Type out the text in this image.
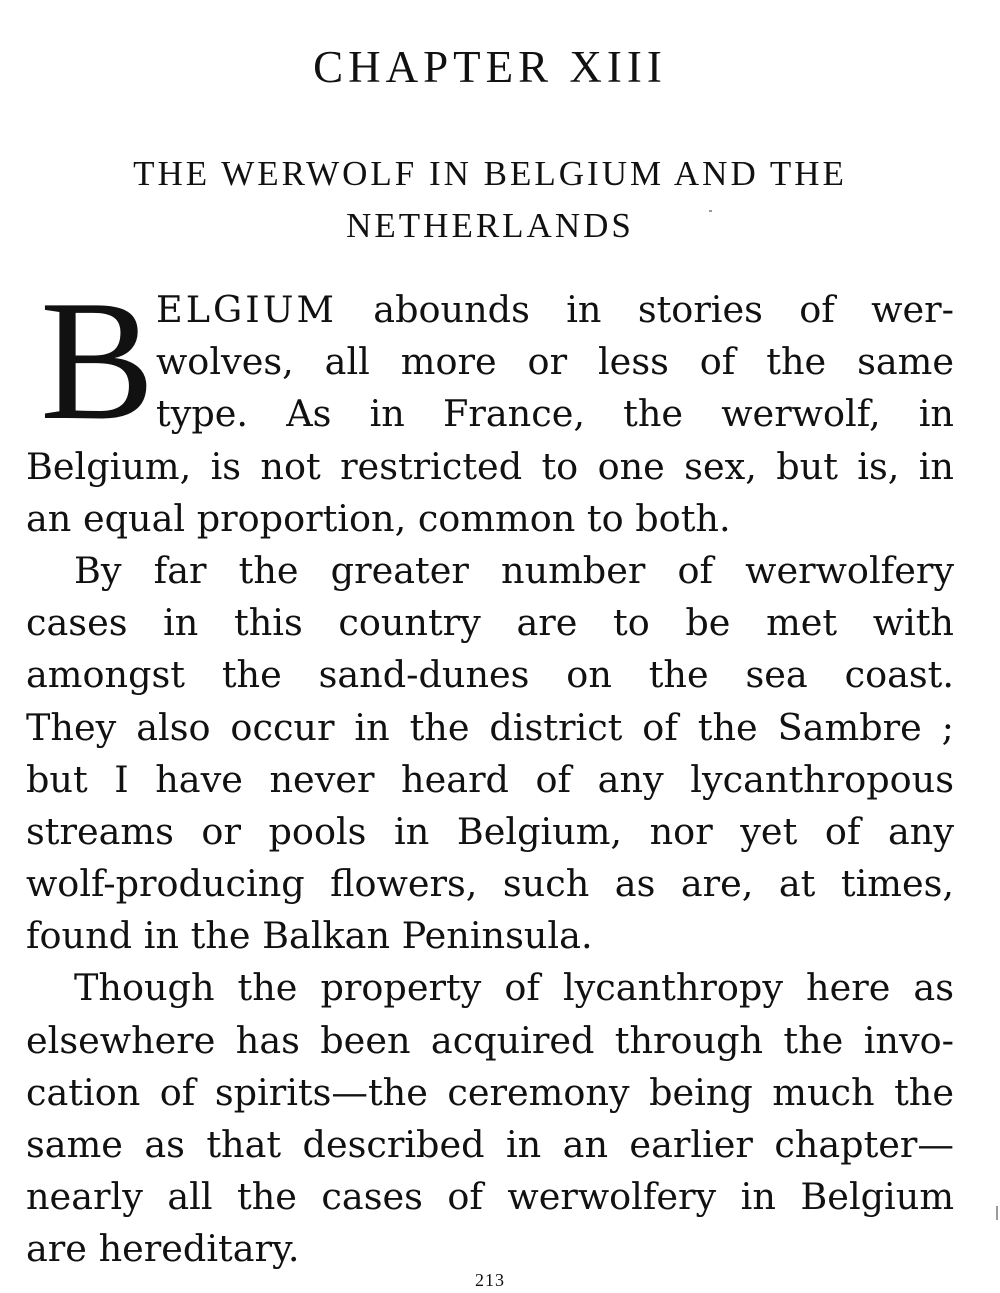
CHAPTER XIII
THE WERWOLF IN BELGIUM AND THE
NETHERLANDS
B ELGIUM abounds in stories of wer-
wolves, all more or less of the same
type. As in France, the werwolf, in
Belgium, is not restricted to one sex, but is, in
an equal proportion, common to both.
By far the greater number of werwolfery
cases in this country are to be met with
amongst the sand-dunes on the sea coast.
They also occur in the district of the Sambre ;
but I have never heard of any lycanthropous
streams or pools in Belgium, nor yet of any
wolf-producing flowers, such as are, at times,
found in the Balkan Peninsula.
Though the property of lycanthropy here as
elsewhere has been acquired through the invo-
cation of spirits—the ceremony being much the
same as that described in an earlier chapter—
nearly all the cases of werwolfery in Belgium
are hereditary.
213
